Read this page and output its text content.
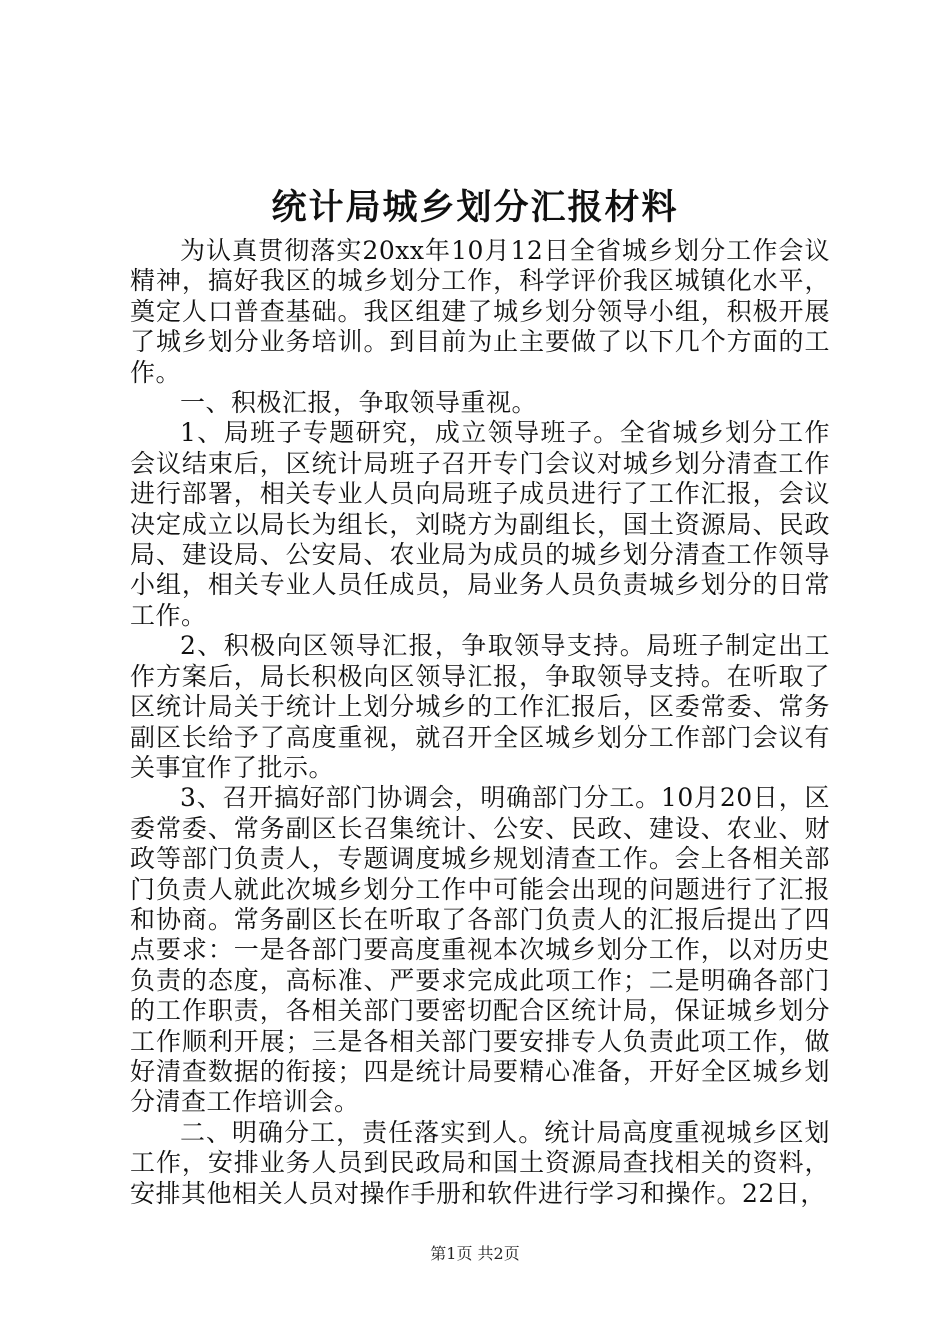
统计局城乡划分汇报材料

为认真贯彻落实20xx年10月12日全省城乡划分工作会议精神，搞好我区的城乡划分工作，科学评价我区城镇化水平，奠定人口普查基础。我区组建了城乡划分领导小组，积极开展了城乡划分业务培训。到目前为止主要做了以下几个方面的工作。

一、积极汇报，争取领导重视。

1、局班子专题研究，成立领导班子。全省城乡划分工作会议结束后，区统计局班子召开专门会议对城乡划分清查工作进行部署，相关专业人员向局班子成员进行了工作汇报，会议决定成立以局长为组长，刘晓方为副组长，国土资源局、民政局、建设局、公安局、农业局为成员的城乡划分清查工作领导小组，相关专业人员任成员，局业务人员负责城乡划分的日常工作。

2、积极向区领导汇报，争取领导支持。局班子制定出工作方案后，局长积极向区领导汇报，争取领导支持。在听取了区统计局关于统计上划分城乡的工作汇报后，区委常委、常务副区长给予了高度重视，就召开全区城乡划分工作部门会议有关事宜作了批示。

3、召开搞好部门协调会，明确部门分工。10月20日，区委常委、常务副区长召集统计、公安、民政、建设、农业、财政等部门负责人，专题调度城乡规划清查工作。会上各相关部门负责人就此次城乡划分工作中可能会出现的问题进行了汇报和协商。常务副区长在听取了各部门负责人的汇报后提出了四点要求：一是各部门要高度重视本次城乡划分工作，以对历史负责的态度，高标准、严要求完成此项工作；二是明确各部门的工作职责，各相关部门要密切配合区统计局，保证城乡划分工作顺利开展；三是各相关部门要安排专人负责此项工作，做好清查数据的衔接；四是统计局要精心准备，开好全区城乡划分清查工作培训会。

二、明确分工，责任落实到人。统计局高度重视城乡区划工作，安排业务人员到民政局和国土资源局查找相关的资料，安排其他相关人员对操作手册和软件进行学习和操作。22日，

第1页 共2页
